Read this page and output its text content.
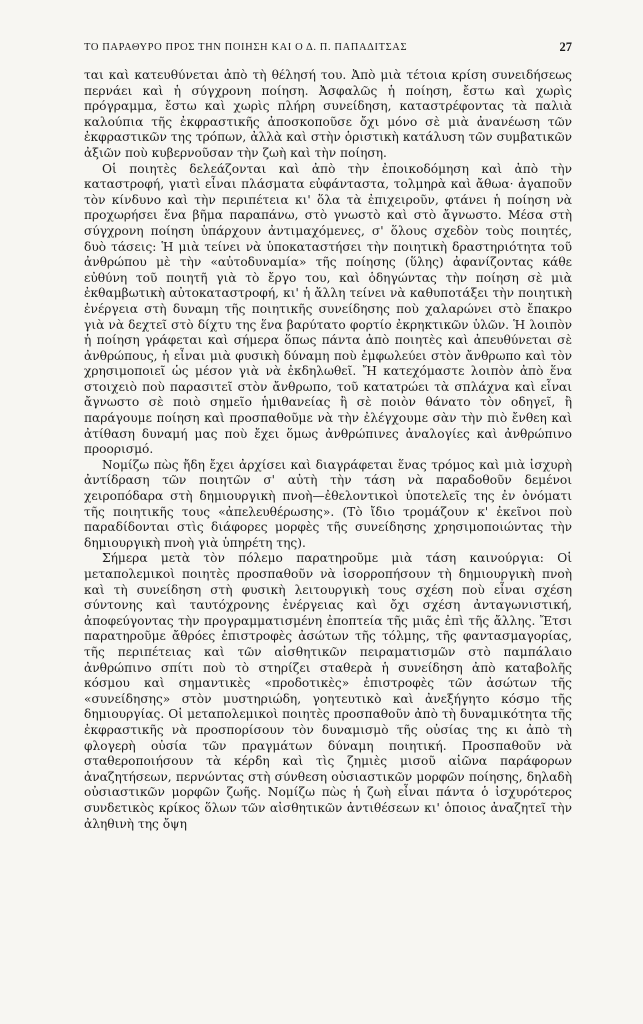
ΤΟ ΠΑΡΑΘΥΡΟ ΠΡΟΣ ΤΗΝ ΠΟΙΗΣΗ ΚΑΙ Ο Δ. Π. ΠΑΠΑΔΙΤΣΑΣ	27

ται καὶ κατευθύνεται ἀπὸ τὴ θέλησή του. Ἀπὸ μιὰ τέτοια κρίση συνειδήσεως περνάει καὶ ἡ σύγχρονη ποίηση. Ἀσφαλῶς ἡ ποίηση, ἔστω καὶ χωρὶς πρόγραμμα, ἔστω καὶ χωρὶς πλήρη συνείδηση, καταστρέφοντας τὰ παλιὰ καλούπια τῆς ἐκφραστικῆς ἀποσκοποῦσε ὄχι μόνο σὲ μιὰ ἀνανέωση τῶν ἐκφραστικῶν της τρόπων, ἀλλὰ καὶ στὴν ὁριστικὴ κατάλυση τῶν συμβατικῶν ἀξιῶν ποὺ κυβερνοῦσαν τὴν ζωὴ καὶ τὴν ποίηση.

Οἱ ποιητὲς δελεάζονται καὶ ἀπὸ τὴν ἐποικοδόμηση καὶ ἀπὸ τὴν καταστροφή, γιατὶ εἶναι πλάσματα εὐφάνταστα, τολμηρὰ καὶ ἄθωα· ἀγαποῦν τὸν κίνδυνο καὶ τὴν περιπέτεια κι' ὅλα τὰ ἐπιχειροῦν, φτάνει ἡ ποίηση νὰ προχωρήσει ἕνα βῆμα παραπάνω, στὸ γνωστὸ καὶ στὸ ἄγνωστο. Μέσα στὴ σύγχρονη ποίηση ὑπάρχουν ἀντιμαχόμενες, σ' ὅλους σχεδὸν τοὺς ποιητές, δυὸ τάσεις: Ἡ μιὰ τείνει νὰ ὑποκαταστήσει τὴν ποιητικὴ δραστηριότητα τοῦ ἀνθρώπου μὲ τὴν «αὐτοδυναμία» τῆς ποίησης (ὕλης) ἀφανίζοντας κάθε εὐθύνη τοῦ ποιητῆ γιὰ τὸ ἔργο του, καὶ ὁδηγώντας τὴν ποίηση σὲ μιὰ ἐκθαμβωτικὴ αὐτοκαταστροφή, κι' ἡ ἄλλη τείνει νὰ καθυποτάξει τὴν ποιητικὴ ἐνέργεια στὴ δυναμη τῆς ποιητικῆς συνείδησης ποὺ χαλαρώνει στὸ ἔπακρο γιὰ νὰ δεχτεῖ στὸ δίχτυ της ἕνα βαρύτατο φορτίο ἐκρηκτικῶν ὑλῶν. Ἡ λοιπὸν ἡ ποίηση γράφεται καὶ σήμερα ὅπως πάντα ἀπὸ ποιητὲς καὶ ἀπευθύνεται σὲ ἀνθρώπους, ἡ εἶναι μιὰ φυσικὴ δύναμη ποὺ ἐμφωλεύει στὸν ἄνθρωπο καὶ τὸν χρησιμοποιεῖ ὡς μέσον γιὰ νὰ ἐκδηλωθεῖ. Ἤ κατεχόμαστε λοιπὸν ἀπὸ ἕνα στοιχειὸ ποὺ παρασιτεῖ στὸν ἄνθρωπο, τοῦ κατατρώει τὰ σπλάχνα καὶ εἶναι ἄγνωστο σὲ ποιὸ σημεῖο ἡμιθανείας ἢ σὲ ποιὸν θάνατο τὸν οδηγεῖ, ἢ παράγουμε ποίηση καὶ προσπαθοῦμε νὰ τὴν ἐλέγχουμε σὰν τὴν πιὸ ἔνθεη καὶ ἀτίθαση δυναμή μας ποὺ ἔχει ὅμως ἀνθρώπινες ἀναλογίες καὶ ἀνθρώπινο προορισμό.

Νομίζω πὼς ἤδη ἔχει ἀρχίσει καὶ διαγράφεται ἕνας τρόμος καὶ μιὰ ἰσχυρὴ ἀντίδραση τῶν ποιητῶν σ' αὐτὴ τὴν τάση νὰ παραδοθοῦν δεμένοι χειροπόδαρα στὴ δημιουργικὴ πνοὴ—ἐθελοντικοὶ ὑποτελεῖς της ἐν ὀνόματι τῆς ποιητικῆς τους «ἀπελευθέρωσης». (Τὸ ἴδιο τρομάζουν κ' ἐκεῖνοι ποὺ παραδίδονται στὶς διάφορες μορφὲς τῆς συνείδησης χρησιμοποιώντας τὴν δημιουργικὴ πνοὴ γιὰ ὑπηρέτη της).

Σήμερα μετὰ τὸν πόλεμο παρατηροῦμε μιὰ τάση καινούργια: Οἱ μεταπολεμικοὶ ποιητὲς προσπαθοῦν νὰ ἰσορροπήσουν τὴ δημιουργικὴ πνοὴ καὶ τὴ συνείδηση στὴ φυσικὴ λειτουργικὴ τους σχέση ποὺ εἶναι σχέση σύντονης καὶ ταυτόχρονης ἐνέργειας καὶ ὄχι σχέση ἀνταγωνιστική, ἀποφεύγοντας τὴν προγραμματισμένη ἐποπτεία τῆς μιᾶς ἐπὶ τῆς ἄλλης. Ἔτσι παρατηροῦμε ἄθρόες ἐπιστροφὲς ἀσώτων τῆς τόλμης, τῆς φαντασμαγορίας, τῆς περιπέτειας καὶ τῶν αἰσθητικῶν πειραματισμῶν στὸ παμπάλαιο ἀνθρώπινο σπίτι ποὺ τὸ στηρίζει σταθερὰ ἡ συνείδηση ἀπὸ καταβολῆς κόσμου καὶ σημαντικὲς «προδοτικὲς» ἐπιστροφὲς τῶν ἀσώτων τῆς «συνείδησης» στὸν μυστηριώδη, γοητευτικὸ καὶ ἀνεξήγητο κόσμο τῆς δημιουργίας. Οἱ μεταπολεμικοὶ ποιητὲς προσπαθοῦν ἀπὸ τὴ δυναμικότητα τῆς ἐκφραστικῆς νὰ προσπορίσουν τὸν δυναμισμὸ τῆς οὐσίας της κι ἀπὸ τὴ φλογερὴ οὐσία τῶν πραγμάτων δύναμη ποιητική. Προσπαθοῦν νὰ σταθεροποιήσουν τὰ κέρδη καὶ τὶς ζημιὲς μισοῦ αἰῶνα παράφορων ἀναζητήσεων, περνώντας στὴ σύνθεση οὐσιαστικῶν μορφῶν ποίησης, δηλαδὴ οὐσιαστικῶν μορφῶν ζωῆς. Νομίζω πὼς ἡ ζωὴ εἶναι πάντα ὁ ἰσχυρότερος συνδετικὸς κρίκος ὅλων τῶν αἰσθητικῶν ἀντιθέσεων κι' ὁποιος ἀναζητεῖ τὴν ἀληθινὴ της ὄψη
